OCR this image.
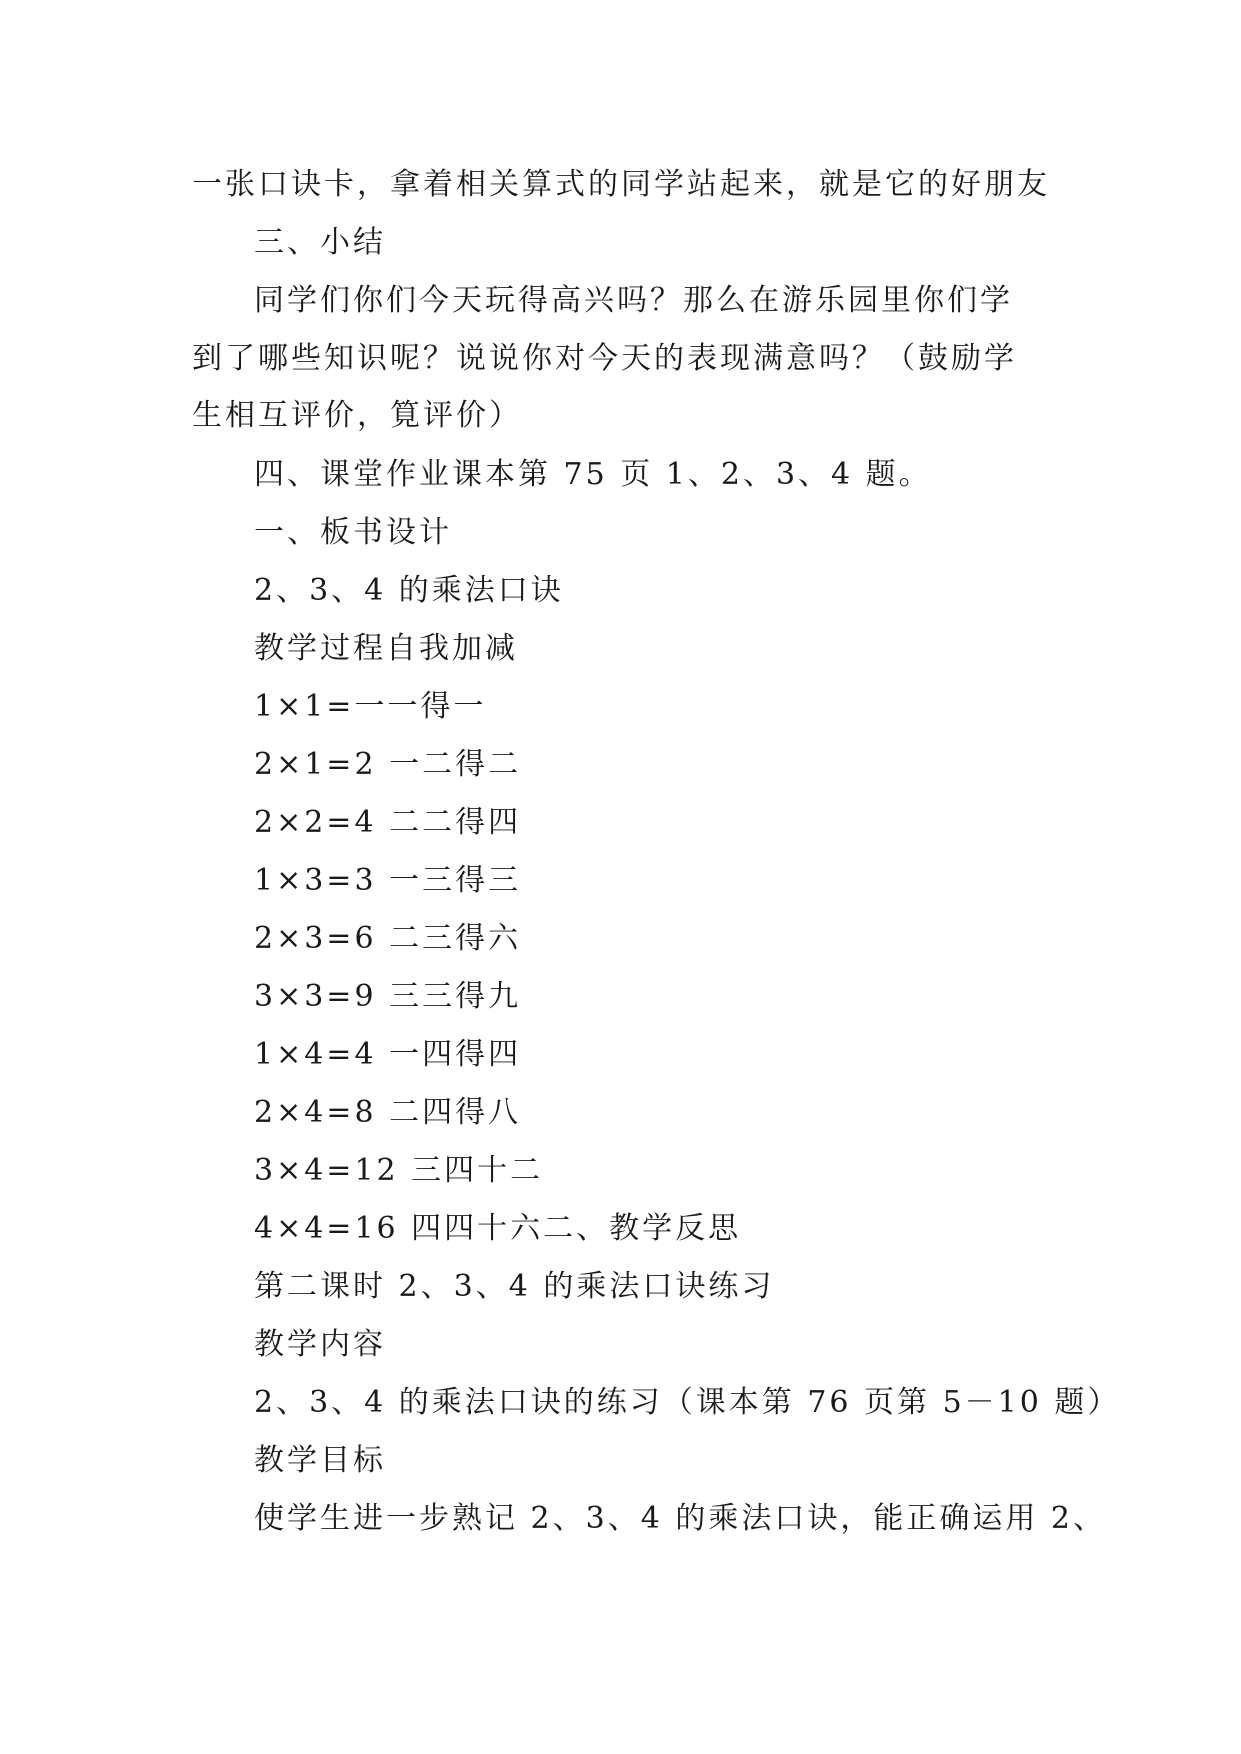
一张口诀卡，拿着相关算式的同学站起来，就是它的好朋友
三、小结
同学们你们今天玩得高兴吗？那么在游乐园里你们学
到了哪些知识呢？说说你对今天的表现满意吗？（鼓励学
生相互评价，筧评价）
四、课堂作业课本第 75 页 1、2、3、4 题。
一、板书设计
2、3、4 的乘法口诀
教学过程自我加减
1×1=一一得一
2×1=2 一二得二
2×2=4 二二得四
1×3=3 一三得三
2×3=6 二三得六
3×3=9 三三得九
1×4=4 一四得四
2×4=8 二四得八
3×4=12 三四十二
4×4=16 四四十六二、教学反思
第二课时 2、3、4 的乘法口诀练习
教学内容
2、3、4 的乘法口诀的练习（课本第 76 页第 5－10 题）
教学目标
使学生进一步熟记 2、3、4 的乘法口诀，能正确运用 2、
